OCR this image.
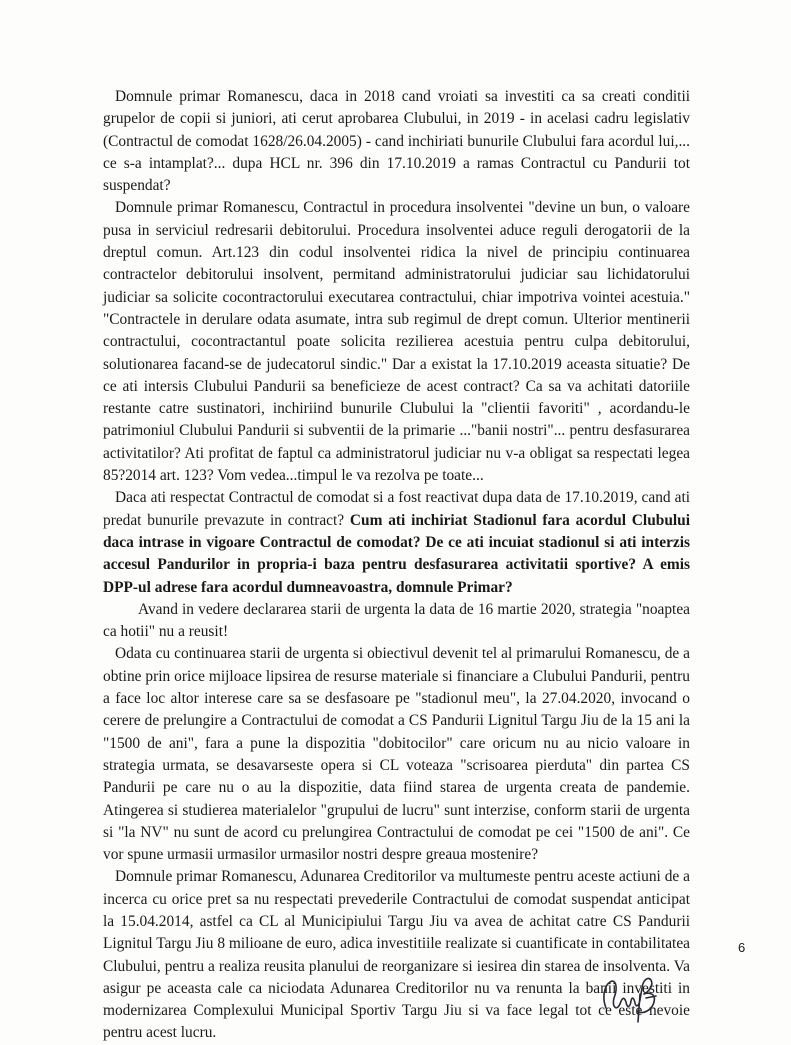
Domnule primar Romanescu, daca in 2018 cand vroiati sa investiti ca sa creati conditii grupelor de copii si juniori, ati cerut aprobarea Clubului, in 2019 - in acelasi cadru legislativ (Contractul de comodat 1628/26.04.2005) - cand inchiriati bunurile Clubului fara acordul lui,... ce s-a intamplat?... dupa HCL nr. 396 din 17.10.2019 a ramas Contractul cu Pandurii tot suspendat?

Domnule primar Romanescu, Contractul in procedura insolventei "devine un bun, o valoare pusa in serviciul redresarii debitorului. Procedura insolventei aduce reguli derogatorii de la dreptul comun. Art.123 din codul insolventei ridica la nivel de principiu continuarea contractelor debitorului insolvent, permitand administratorului judiciar sau lichidatorului judiciar sa solicite cocontractorului executarea contractului, chiar impotriva vointei acestuia." "Contractele in derulare odata asumate, intra sub regimul de drept comun. Ulterior mentinerii contractului, cocontractantul poate solicita rezilierea acestuia pentru culpa debitorului, solutionarea facand-se de judecatorul sindic." Dar a existat la 17.10.2019 aceasta situatie? De ce ati intersis Clubului Pandurii sa beneficieze de acest contract? Ca sa va achitati datoriile restante catre sustinatori, inchiriind bunurile Clubului la "clientii favoriti" , acordandu-le patrimoniul Clubului Pandurii si subventii de la primarie ..."banii nostri"... pentru desfasurarea activitatilor? Ati profitat de faptul ca administratorul judiciar nu v-a obligat sa respectati legea 85?2014 art. 123? Vom vedea...timpul le va rezolva pe toate...

Daca ati respectat Contractul de comodat si a fost reactivat dupa data de 17.10.2019, cand ati predat bunurile prevazute in contract? Cum ati inchiriat Stadionul fara acordul Clubului daca intrase in vigoare Contractul de comodat? De ce ati incuiat stadionul si ati interzis accesul Pandurilor in propria-i baza pentru desfasurarea activitatii sportive? A emis DPP-ul adrese fara acordul dumneavoastra, domnule Primar?

Avand in vedere declararea starii de urgenta la data de 16 martie 2020, strategia "noaptea ca hotii" nu a reusit!

Odata cu continuarea starii de urgenta si obiectivul devenit tel al primarului Romanescu, de a obtine prin orice mijloace lipsirea de resurse materiale si financiare a Clubului Pandurii, pentru a face loc altor interese care sa se desfasoare pe "stadionul meu", la 27.04.2020, invocand o cerere de prelungire a Contractului de comodat a CS Pandurii Lignitul Targu Jiu de la 15 ani la "1500 de ani", fara a pune la dispozitia "dobitocilor" care oricum nu au nicio valoare in strategia urmata, se desavarseste opera si CL voteaza "scrisoarea pierduta" din partea CS Pandurii pe care nu o au la dispozitie, data fiind starea de urgenta creata de pandemie. Atingerea si studierea materialelor "grupului de lucru" sunt interzise, conform starii de urgenta si "la NV" nu sunt de acord cu prelungirea Contractului de comodat pe cei "1500 de ani". Ce vor spune urmasii urmasilor urmasilor nostri despre greaua mostenire?

Domnule primar Romanescu, Adunarea Creditorilor va multumeste pentru aceste actiuni de a incerca cu orice pret sa nu respectati prevederile Contractului de comodat suspendat anticipat la 15.04.2014, astfel ca CL al Municipiului Targu Jiu va avea de achitat catre CS Pandurii Lignitul Targu Jiu 8 milioane de euro, adica investitiile realizate si cuantificate in contabilitatea Clubului, pentru a realiza reusita planului de reorganizare si iesirea din starea de insolventa. Va asigur pe aceasta cale ca niciodata Adunarea Creditorilor nu va renunta la banii investiti in modernizarea Complexului Municipal Sportiv Targu Jiu si va face legal tot ce este nevoie pentru acest lucru.

6
